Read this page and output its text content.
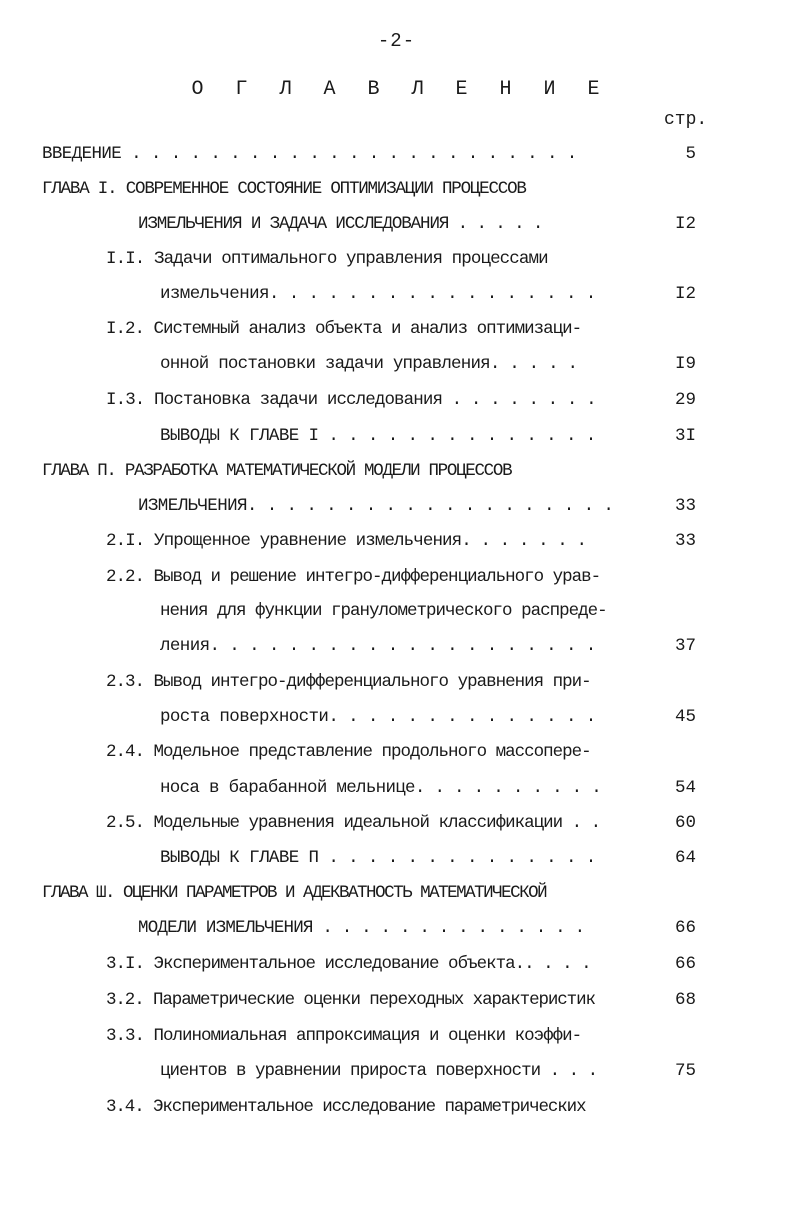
-2-
О Г Л А В Л Е Н И Е
стр.
ВВЕДЕНИЕ . . . . . . . . . . . . . . . . . . . . . . .	5
ГЛАВА I. СОВРЕМЕННОЕ СОСТОЯНИЕ ОПТИМИЗАЦИИ ПРОЦЕССОВ
ИЗМЕЛЬЧЕНИЯ И ЗАДАЧА ИССЛЕДОВАНИЯ . . . . .	I2
I.I. Задачи оптимального управления процессами
измельчения. . . . . . . . . . . . . . . . .	I2
I.2. Системный анализ объекта и анализ оптимизаци-
онной постановки задачи управления. . . . .	I9
I.3. Постановка задачи исследования . . . . . . . .	29
ВЫВОДЫ К ГЛАВЕ I . . . . . . . . . . . . . .	3I
ГЛАВА П. РАЗРАБОТКА МАТЕМАТИЧЕСКОЙ МОДЕЛИ ПРОЦЕССОВ
ИЗМЕЛЬЧЕНИЯ. . . . . . . . . . . . . . . . . . .	33
2.I. Упрощенное уравнение измельчения. . . . . . .	33
2.2. Вывод и решение интегро-дифференциального урав-
нения для функции гранулометрического распреде-
ления. . . . . . . . . . . . . . . . . . . .	37
2.3. Вывод интегро-дифференциального уравнения при-
роста поверхности. . . . . . . . . . . . . .	45
2.4. Модельное представление продольного массопере-
носа в барабанной мельнице. . . . . . . . . .	54
2.5. Модельные уравнения идеальной классификации . .	60
ВЫВОДЫ К ГЛАВЕ П . . . . . . . . . . . . . .	64
ГЛАВА Ш. ОЦЕНКИ ПАРАМЕТРОВ И АДЕКВАТНОСТЬ МАТЕМАТИЧЕСКОЙ
МОДЕЛИ ИЗМЕЛЬЧЕНИЯ . . . . . . . . . . . . . .	66
3.I. Экспериментальное исследование объекта.. . . .	66
3.2. Параметрические оценки переходных характеристик	68
3.3. Полиномиальная аппроксимация и оценки коэффи-
циентов в уравнении прироста поверхности . . .	75
3.4. Экспериментальное исследование параметрических
